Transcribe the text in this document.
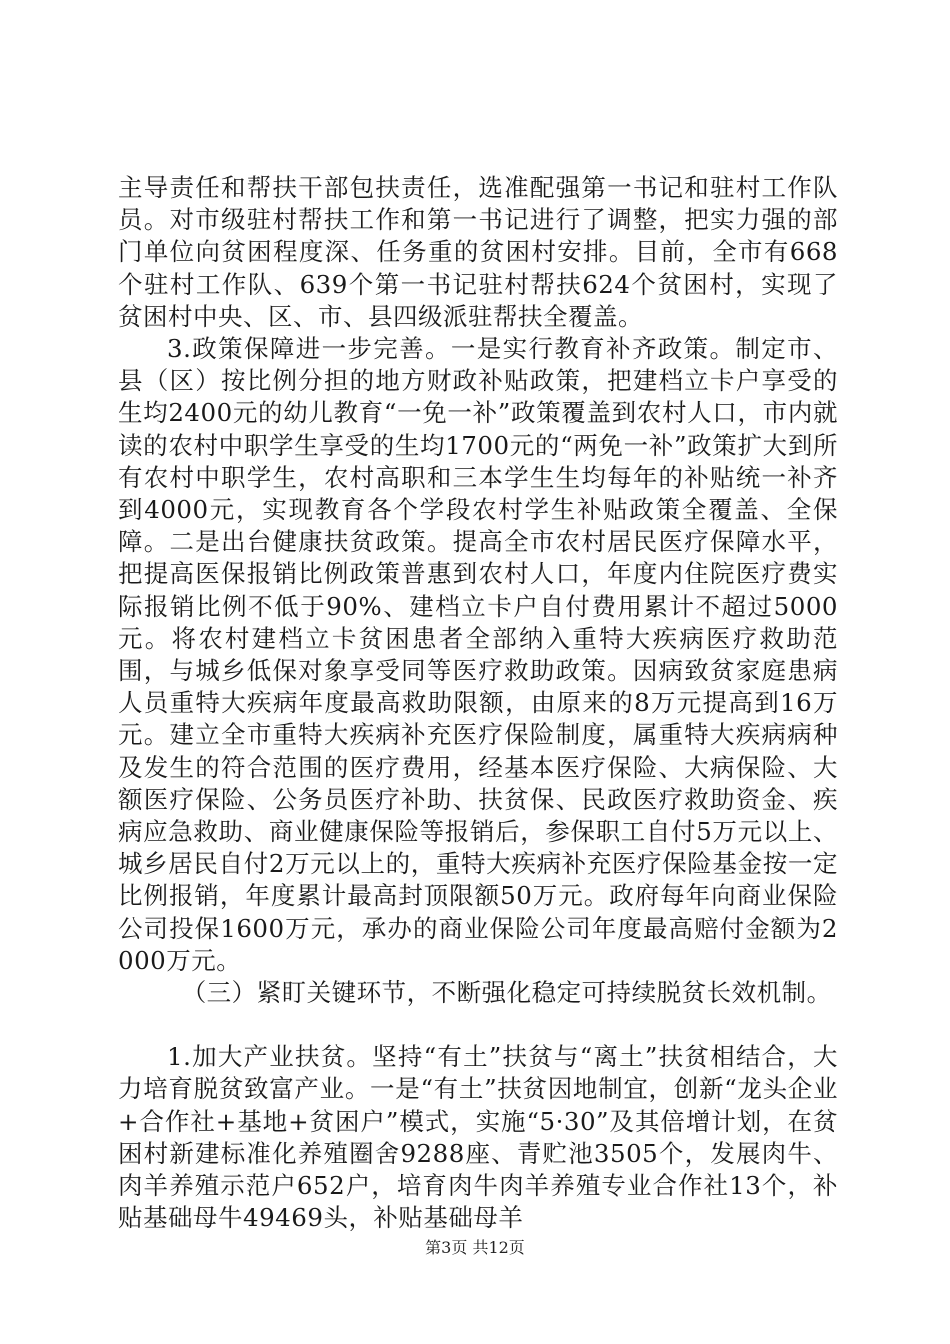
主导责任和帮扶干部包扶责任，选准配强第一书记和驻村工作队员。对市级驻村帮扶工作和第一书记进行了调整，把实力强的部门单位向贫困程度深、任务重的贫困村安排。目前，全市有668个驻村工作队、639个第一书记驻村帮扶624个贫困村，实现了贫困村中央、区、市、县四级派驻帮扶全覆盖。

3.政策保障进一步完善。一是实行教育补齐政策。制定市、县（区）按比例分担的地方财政补贴政策，把建档立卡户享受的生均2400元的幼儿教育“一免一补”政策覆盖到农村人口，市内就读的农村中职学生享受的生均1700元的“两免一补”政策扩大到所有农村中职学生，农村高职和三本学生生均每年的补贴统一补齐到4000元，实现教育各个学段农村学生补贴政策全覆盖、全保障。二是出台健康扶贫政策。提高全市农村居民医疗保障水平，把提高医保报销比例政策普惠到农村人口，年度内住院医疗费实际报销比例不低于90%、建档立卡户自付费用累计不超过5000元。将农村建档立卡贫困患者全部纳入重特大疾病医疗救助范围，与城乡低保对象享受同等医疗救助政策。因病致贫家庭患病人员重特大疾病年度最高救助限额，由原来的8万元提高到16万元。建立全市重特大疾病补充医疗保险制度，属重特大疾病病种及发生的符合范围的医疗费用，经基本医疗保险、大病保险、大额医疗保险、公务员医疗补助、扶贫保、民政医疗救助资金、疾病应急救助、商业健康保险等报销后，参保职工自付5万元以上、城乡居民自付2万元以上的，重特大疾病补充医疗保险基金按一定比例报销，年度累计最高封顶限额50万元。政府每年向商业保险公司投保1600万元，承办的商业保险公司年度最高赔付金额为2000万元。

（三）紧盯关键环节，不断强化稳定可持续脱贫长效机制。

1.加大产业扶贫。坚持“有土”扶贫与“离土”扶贫相结合，大力培育脱贫致富产业。一是“有土”扶贫因地制宜，创新“龙头企业+合作社+基地+贫困户”模式，实施“5·30”及其倍增计划，在贫困村新建标准化养殖圈舍9288座、青贮池3505个，发展肉牛、肉羊养殖示范户652户，培育肉牛肉羊养殖专业合作社13个，补贴基础母牛49469头，补贴基础母羊

第3页 共12页
